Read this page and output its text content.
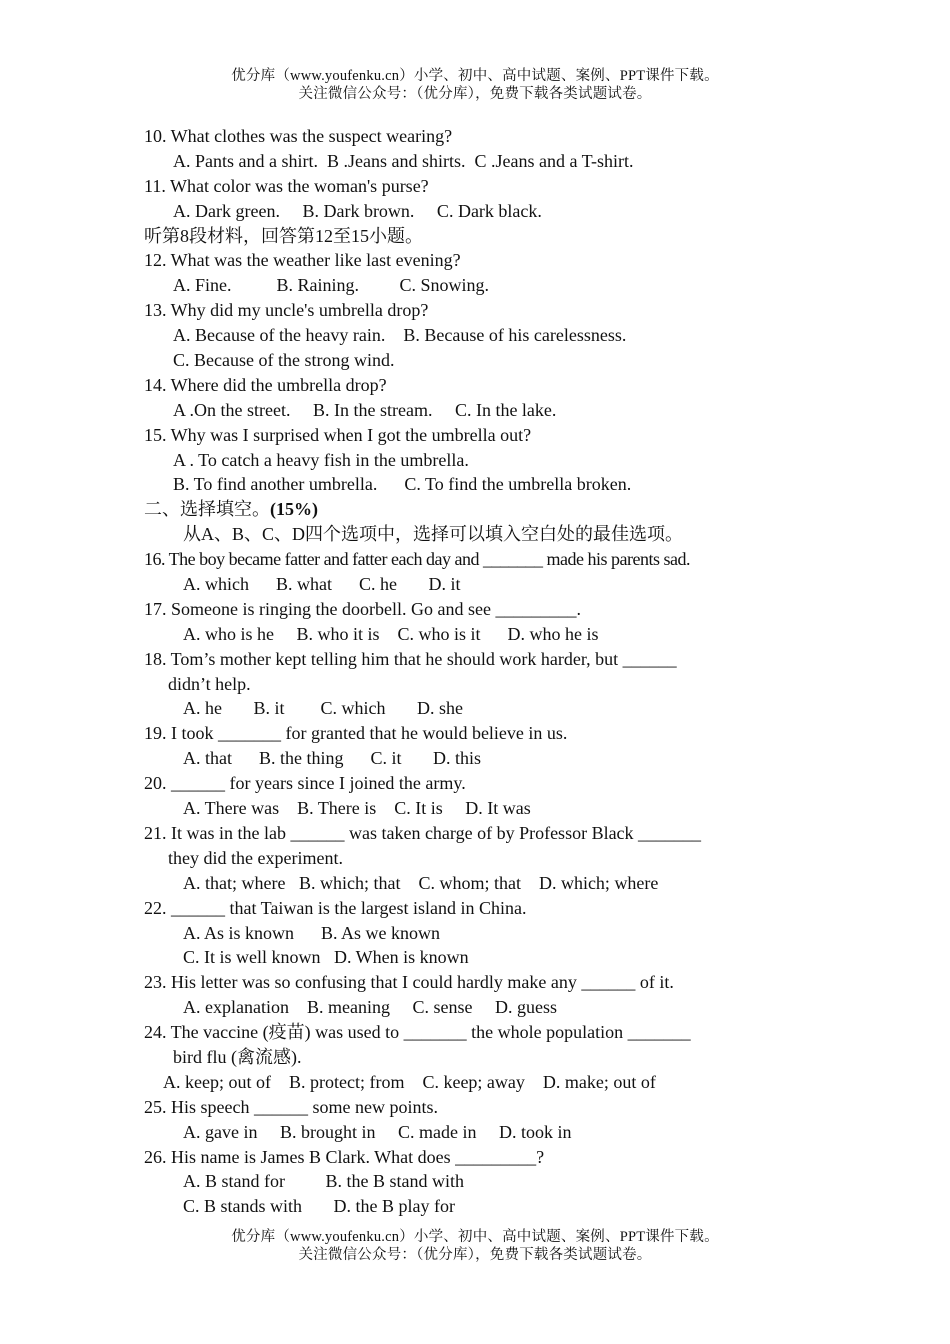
优分库（www.youfenku.cn）小学、初中、高中试题、案例、PPT课件下载。
关注微信公众号：（优分库），免费下载各类试题试卷。
10. What clothes was the suspect wearing?
A. Pants and a shirt.  B .Jeans and shirts.  C .Jeans and a T-shirt.
11. What color was the woman's purse?
A. Dark green.     B. Dark brown.     C. Dark black.
听第8段材料，回答第12至15小题。
12. What was the weather like last evening?
A. Fine.          B. Raining.         C. Snowing.
13. Why did my uncle's umbrella drop?
A. Because of the heavy rain.    B. Because of his carelessness.
C. Because of the strong wind.
14. Where did the umbrella drop?
A .On the street.     B. In the stream.     C. In the lake.
15. Why was I surprised when I got the umbrella out?
A . To catch a heavy fish in the umbrella.
B. To find another umbrella.      C. To find the umbrella broken.
二、选择填空。(15%)
从A、B、C、D四个选项中，选择可以填入空白处的最佳选项。
16. The boy became fatter and fatter each day and _______ made his parents sad.
A. which      B. what      C. he       D. it
17. Someone is ringing the doorbell. Go and see _________.
A. who is he     B. who it is    C. who is it      D. who he is
18. Tom’s mother kept telling him that he should work harder, but ______
didn’t help.
A. he       B. it        C. which       D. she
19. I took _______ for granted that he would believe in us.
A. that      B. the thing      C. it       D. this
20. ______ for years since I joined the army.
A. There was    B. There is    C. It is     D. It was
21. It was in the lab ______ was taken charge of by Professor Black _______
they did the experiment.
A. that; where   B. which; that    C. whom; that    D. which; where
22. ______ that Taiwan is the largest island in China.
A. As is known      B. As we known
C. It is well known   D. When is known
23. His letter was so confusing that I could hardly make any ______ of it.
A. explanation    B. meaning     C. sense     D. guess
24. The vaccine (疫苗) was used to _______ the whole population _______
bird flu (禽流感).
A. keep; out of    B. protect; from    C. keep; away    D. make; out of
25. His speech ______ some new points.
A. gave in     B. brought in     C. made in     D. took in
26. His name is James B Clark. What does _________?
A. B stand for         B. the B stand with
C. B stands with       D. the B play for
优分库（www.youfenku.cn）小学、初中、高中试题、案例、PPT课件下载。
关注微信公众号：（优分库），免费下载各类试题试卷。
